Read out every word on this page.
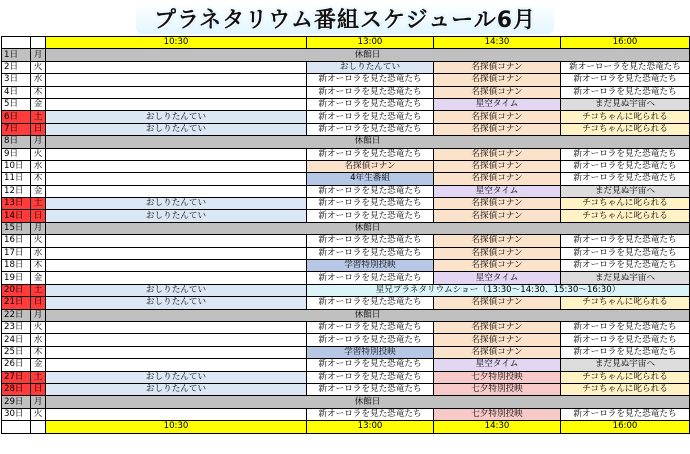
プラネタリウム番組スケジュール6月
		10:30	13:00	14:30	16:00
1日	月	休館日			
2日	火		おしりたんてい	名探偵コナン	新オーローラを見た恐竜たち
3日	水		新オーロラを見た恐竜たち	名探偵コナン	新オーロラを見た恐竜たち
4日	木		新オーロラを見た恐竜たち	名探偵コナン	新オーロラを見た恐竜たち
5日	金		新オーロラを見た恐竜たち	星空タイム	まだ見ぬ宇宙へ
6日	土	おしりたんてい	新オーロラを見た恐竜たち	名探偵コナン	チコちゃんに叱られる
7日	日	おしりたんてい	新オーロラを見た恐竜たち	名探偵コナン	チコちゃんに叱られる
8日	月	休館日			
9日	火		新オーロラを見た恐竜たち	名探偵コナン	新オーロラを見た恐竜たち
10日	水		名探偵コナン	名探偵コナン	新オーロラを見た恐竜たち
11日	木		4年生番組	名探偵コナン	新オーロラを見た恐竜たち
12日	金		新オーロラを見た恐竜たち	星空タイム	まだ見ぬ宇宙へ
13日	土	おしりたんてい	新オーロラを見た恐竜たち	名探偵コナン	チコちゃんに叱られる
14日	日	おしりたんてい	新オーロラを見た恐竜たち	名探偵コナン	チコちゃんに叱られる
15日	月	休館日			
16日	火		新オーロラを見た恐竜たち	名探偵コナン	新オーロラを見た恐竜たち
17日	水		新オーロラを見た恐竜たち	名探偵コナン	新オーロラを見た恐竜たち
18日	木		学習特別投映	名探偵コナン	新オーロラを見た恐竜たち
19日	金		新オーロラを見た恐竜たち	星空タイム	まだ見ぬ宇宙へ
20日	土	おしりたんてい	星兄プラネタリウムショー（13:30～14:30、15:30～16:30）		
21日	日	おしりたんてい	新オーロラを見た恐竜たち	名探偵コナン	チコちゃんに叱られる
22日	月	休館日			
23日	火		新オーロラを見た恐竜たち	名探偵コナン	新オーロラを見た恐竜たち
24日	水		新オーロラを見た恐竜たち	名探偵コナン	新オーロラを見た恐竜たち
25日	木		学習特別投映	名探偵コナン	新オーロラを見た恐竜たち
26日	金		新オーロラを見た恐竜たち	星空タイム	まだ見ぬ宇宙へ
27日	土	おしりたんてい	新オーロラを見た恐竜たち	七夕特別投映	チコちゃんに叱られる
28日	日	おしりたんてい	新オーロラを見た恐竜たち	七夕特別投映	チコちゃんに叱られる
29日	月	休館日			
30日	火		新オーロラを見た恐竜たち	七夕特別投映	新オーロラを見た恐竜たち
		10:30	13:00	14:30	16:00
